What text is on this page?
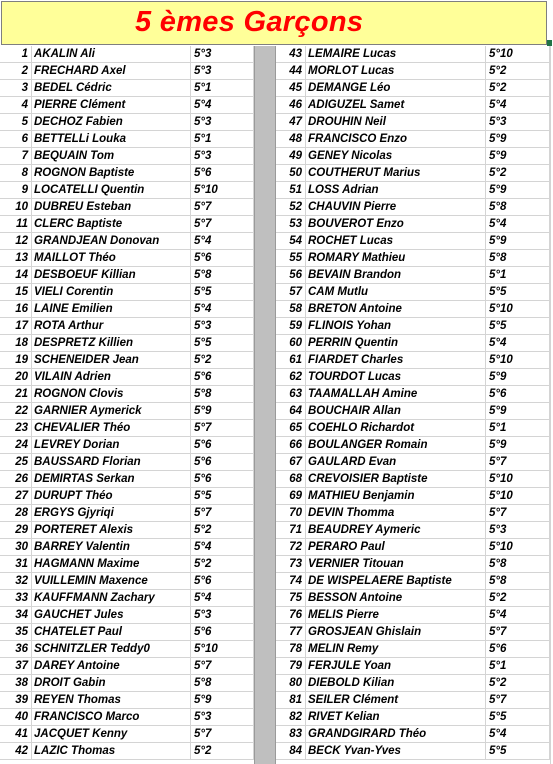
5 èmes Garçons
1 AKALIN Ali	5°3
2 FRECHARD Axel	5°3
3 BEDEL Cédric	5°1
4 PIERRE Clément	5°4
5 DECHOZ Fabien	5°3
6 BETTELLi Louka	5°1
7 BEQUAIN Tom	5°3
8 ROGNON Baptiste	5°6
9 LOCATELLI Quentin	5°10
10 DUBREU Esteban	5°7
11 CLERC Baptiste	5°7
12 GRANDJEAN Donovan	5°4
13 MAILLOT Théo	5°6
14 DESBOEUF Killian	5°8
15 VIELI Corentin	5°5
16 LAINE Emilien	5°4
17 ROTA Arthur	5°3
18 DESPRETZ Killien	5°5
19 SCHENEIDER Jean	5°2
20 VILAIN Adrien	5°6
21 ROGNON Clovis	5°8
22 GARNIER Aymerick	5°9
23 CHEVALIER Théo	5°7
24 LEVREY Dorian	5°6
25 BAUSSARD Florian	5°6
26 DEMIRTAS Serkan	5°6
27 DURUPT Théo	5°5
28 ERGYS Gjyriqi	5°7
29 PORTERET Alexis	5°2
30 BARREY Valentin	5°4
31 HAGMANN Maxime	5°2
32 VUILLEMIN Maxence	5°6
33 KAUFFMANN Zachary	5°4
34 GAUCHET Jules	5°3
35 CHATELET Paul	5°6
36 SCHNITZLER Teddy0	5°10
37 DAREY Antoine	5°7
38 DROIT Gabin	5°8
39 REYEN Thomas	5°9
40 FRANCISCO Marco	5°3
41 JACQUET Kenny	5°7
42 LAZIC Thomas	5°2
43 LEMAIRE Lucas	5°10
44 MORLOT Lucas	5°2
45 DEMANGE Léo	5°2
46 ADIGUZEL Samet	5°4
47 DROUHIN Neil	5°3
48 FRANCISCO Enzo	5°9
49 GENEY Nicolas	5°9
50 COUTHERUT Marius	5°2
51 LOSS Adrian	5°9
52 CHAUVIN Pierre	5°8
53 BOUVEROT Enzo	5°4
54 ROCHET Lucas	5°9
55 ROMARY Mathieu	5°8
56 BEVAIN Brandon	5°1
57 CAM Mutlu	5°5
58 BRETON Antoine	5°10
59 FLINOIS Yohan	5°5
60 PERRIN Quentin	5°4
61 FIARDET Charles	5°10
62 TOURDOT Lucas	5°9
63 TAAMALLAH Amine	5°6
64 BOUCHAIR Allan	5°9
65 COEHLO Richardot	5°1
66 BOULANGER Romain	5°9
67 GAULARD Evan	5°7
68 CREVOISIER Baptiste	5°10
69 MATHIEU Benjamin	5°10
70 DEVIN Thomma	5°7
71 BEAUDREY Aymeric	5°3
72 PERARO Paul	5°10
73 VERNIER Titouan	5°8
74 DE WISPELAERE Baptiste	5°8
75 BESSON Antoine	5°2
76 MELIS Pierre	5°4
77 GROSJEAN Ghislain	5°7
78 MELIN Remy	5°6
79 FERJULE Yoan	5°1
80 DIEBOLD Kilian	5°2
81 SEILER Clément	5°7
82 RIVET Kelian	5°5
83 GRANDGIRARD Théo	5°4
84 BECK Yvan-Yves	5°5
